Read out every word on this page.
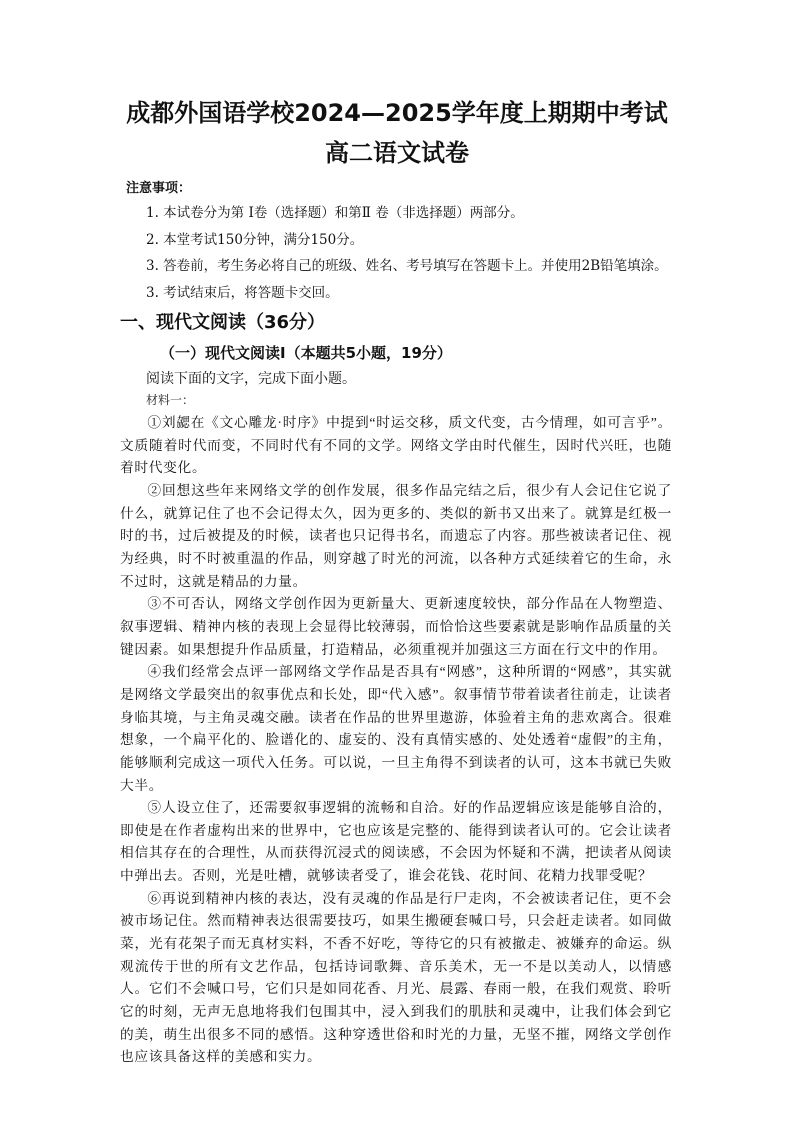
成都外国语学校2024—2025学年度上期期中考试
高二语文试卷
注意事项：
1. 本试卷分为第 Ⅰ卷（选择题）和第Ⅱ 卷（非选择题）两部分。
2. 本堂考试150分钟，满分150分。
3. 答卷前，考生务必将自己的班级、姓名、考号填写在答题卡上。并使用2B铅笔填涂。
3. 考试结束后，将答题卡交回。
一、现代文阅读（36分）
（一）现代文阅读Ⅰ（本题共5小题，19分）
阅读下面的文字，完成下面小题。
材料一：

①刘勰在《文心雕龙·时序》中提到“时运交移，质文代变，古今情理，如可言乎”。文质随着时代而变，不同时代有不同的文学。网络文学由时代催生，因时代兴旺，也随着时代变化。

②回想这些年来网络文学的创作发展，很多作品完结之后，很少有人会记住它说了什么，就算记住了也不会记得太久，因为更多的、类似的新书又出来了。就算是红极一时的书，过后被提及的时候，读者也只记得书名，而遗忘了内容。那些被读者记住、视为经典，时不时被重温的作品，则穿越了时光的河流，以各种方式延续着它的生命，永不过时，这就是精品的力量。

③不可否认，网络文学创作因为更新量大、更新速度较快，部分作品在人物塑造、叙事逻辑、精神内核的表现上会显得比较薄弱，而恰恰这些要素就是影响作品质量的关键因素。如果想提升作品质量，打造精品，必须重视并加强这三方面在行文中的作用。

④我们经常会点评一部网络文学作品是否具有“网感”，这种所谓的“网感”，其实就是网络文学最突出的叙事优点和长处，即“代入感”。叙事情节带着读者往前走，让读者身临其境，与主角灵魂交融。读者在作品的世界里遨游，体验着主角的悲欢离合。很难想象，一个扁平化的、脸谱化的、虚妄的、没有真情实感的、处处透着“虚假”的主角，能够顺利完成这一项代入任务。可以说，一旦主角得不到读者的认可，这本书就已失败大半。

⑤人设立住了，还需要叙事逻辑的流畅和自洽。好的作品逻辑应该是能够自洽的，即使是在作者虚构出来的世界中，它也应该是完整的、能得到读者认可的。它会让读者相信其存在的合理性，从而获得沉浸式的阅读感，不会因为怀疑和不满，把读者从阅读中弹出去。否则，光是吐槽，就够读者受了，谁会花钱、花时间、花精力找罪受呢？

⑥再说到精神内核的表达，没有灵魂的作品是行尸走肉，不会被读者记住，更不会被市场记住。然而精神表达很需要技巧，如果生搬硬套喊口号，只会赶走读者。如同做菜，光有花架子而无真材实料，不香不好吃，等待它的只有被撤走、被嫌弃的命运。纵观流传于世的所有文艺作品，包括诗词歌舞、音乐美术，无一不是以美动人，以情感人。它们不会喊口号，它们只是如同花香、月光、晨露、春雨一般，在我们观赏、聆听它的时刻，无声无息地将我们包围其中，浸入到我们的肌肤和灵魂中，让我们体会到它的美，萌生出很多不同的感悟。这种穿透世俗和时光的力量，无坚不摧，网络文学创作也应该具备这样的美感和实力。
